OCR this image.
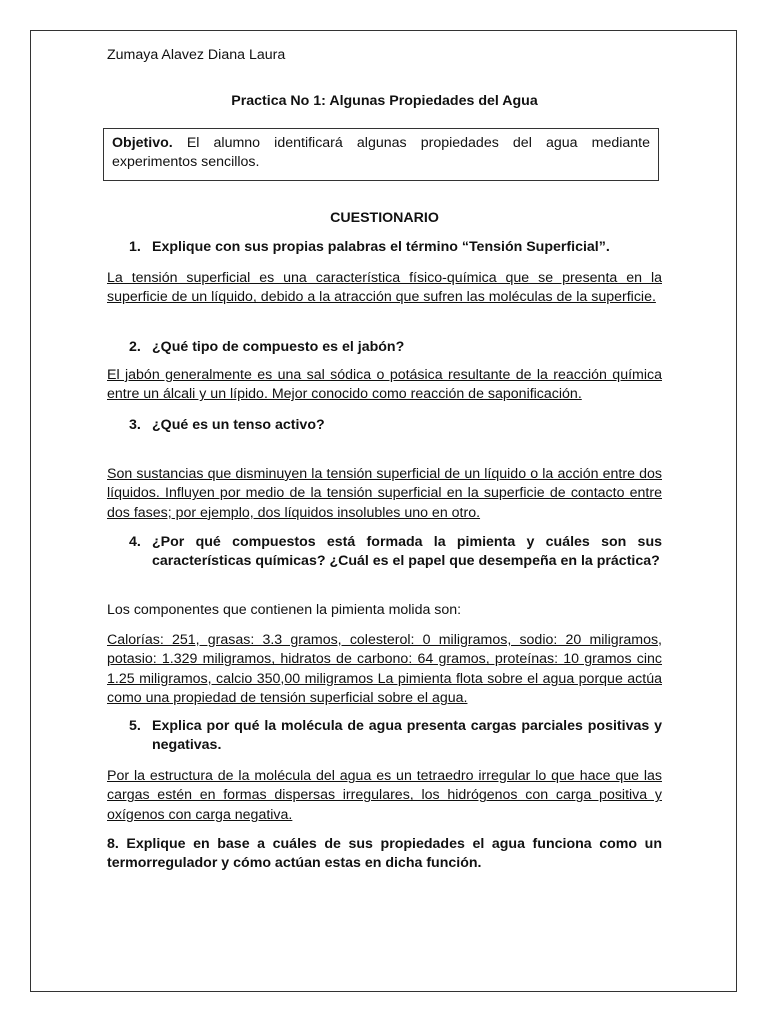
Zumaya Alavez Diana Laura
Practica No 1: Algunas Propiedades del Agua
Objetivo. El alumno identificará algunas propiedades del agua mediante experimentos sencillos.
CUESTIONARIO
1. Explique con sus propias palabras el término “Tensión Superficial”.
La tensión superficial es una característica físico-química que se presenta en la superficie de un líquido, debido a la atracción que sufren las moléculas de la superficie.
2. ¿Qué tipo de compuesto es el jabón?
El jabón generalmente es una sal sódica o potásica resultante de la reacción química entre un álcali y un lípido. Mejor conocido como reacción de saponificación.
3. ¿Qué es un tenso activo?
Son sustancias que disminuyen la tensión superficial de un líquido o la acción entre dos líquidos. Influyen por medio de la tensión superficial en la superficie de contacto entre dos fases; por ejemplo, dos líquidos insolubles uno en otro.
4. ¿Por qué compuestos está formada la pimienta y cuáles son sus características químicas? ¿Cuál es el papel que desempeña en la práctica?
Los componentes que contienen la pimienta molida son:
Calorías: 251, grasas: 3.3 gramos, colesterol: 0 miligramos, sodio: 20 miligramos, potasio: 1.329 miligramos, hidratos de carbono: 64 gramos, proteínas: 10 gramos cinc 1.25 miligramos, calcio 350,00 miligramos La pimienta flota sobre el agua porque actúa como una propiedad de tensión superficial sobre el agua.
5. Explica por qué la molécula de agua presenta cargas parciales positivas y negativas.
Por la estructura de la molécula del agua es un tetraedro irregular lo que hace que las cargas estén en formas dispersas irregulares, los hidrógenos con carga positiva y oxígenos con carga negativa.
8. Explique en base a cuáles de sus propiedades el agua funciona como un termorregulador y cómo actúan estas en dicha función.
